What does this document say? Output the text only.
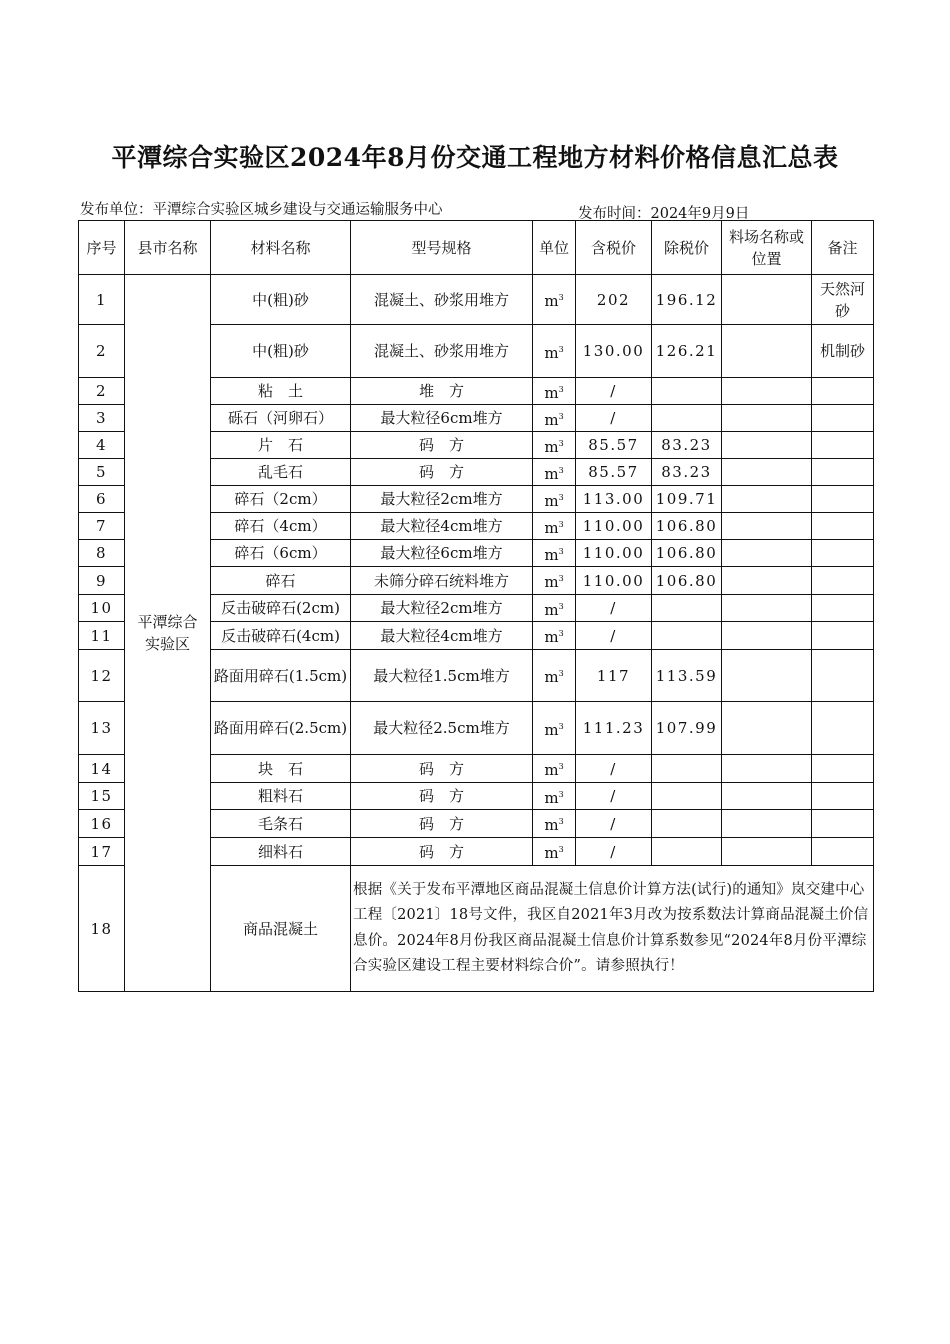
平潭综合实验区2024年8月份交通工程地方材料价格信息汇总表
发布单位：平潭综合实验区城乡建设与交通运输服务中心	发布时间：2024年9月9日
序号	县市名称	材料名称	型号规格	单位	含税价	除税价	料场名称或位置	备注
1	平潭综合实验区	中(粗)砂	混凝土、砂浆用堆方	$m^3$	202	196.12		天然河砂
2		中(粗)砂	混凝土、砂浆用堆方	$m^3$	130.00	126.21		机制砂
2		粘　土	堆　方	$m^3$	/			
3		砾石（河卵石）	最大粒径6cm堆方	$m^3$	/			
4		片　石	码　方	$m^3$	85.57	83.23		
5		乱毛石	码　方	$m^3$	85.57	83.23		
6		碎石（2cm）	最大粒径2cm堆方	$m^3$	113.00	109.71		
7		碎石（4cm）	最大粒径4cm堆方	$m^3$	110.00	106.80		
8		碎石（6cm）	最大粒径6cm堆方	$m^3$	110.00	106.80		
9		碎石	未筛分碎石统料堆方	$m^3$	110.00	106.80		
10		反击破碎石(2cm)	最大粒径2cm堆方	$m^3$	/			
11		反击破碎石(4cm)	最大粒径4cm堆方	$m^3$	/			
12		路面用碎石(1.5cm)	最大粒径1.5cm堆方	$m^3$	117	113.59		
13		路面用碎石(2.5cm)	最大粒径2.5cm堆方	$m^3$	111.23	107.99		
14		块　石	码　方	$m^3$	/			
15		粗料石	码　方	$m^3$	/			
16		毛条石	码　方	$m^3$	/			
17		细料石	码　方	$m^3$	/			
18		商品混凝土	根据《关于发布平潭地区商品混凝土信息价计算方法(试行)的通知》岚交建中心工程〔2021〕18号文件，我区自2021年3月改为按系数法计算商品混凝土价信息价。2024年8月份我区商品混凝土信息价计算系数参见“2024年8月份平潭综合实验区建设工程主要材料综合价”。请参照执行！					
